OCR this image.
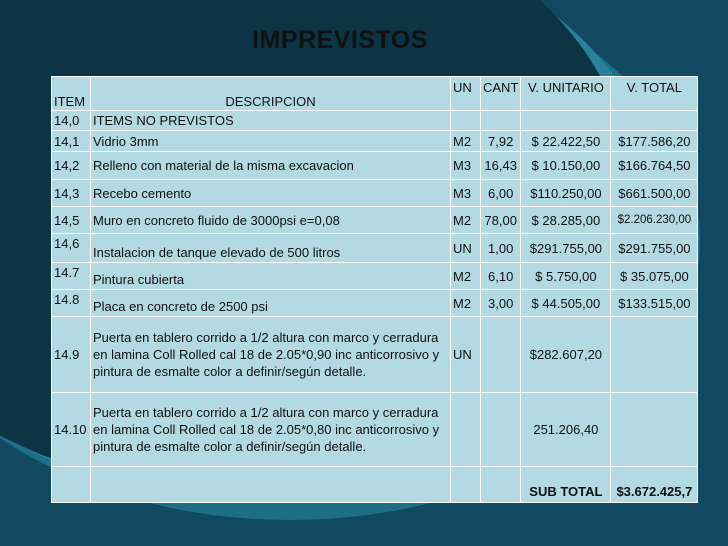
IMPREVISTOS
ITEM	DESCRIPCION	UN	CANT	V. UNITARIO	V. TOTAL
14,0	ITEMS NO PREVISTOS				
14,1	Vidrio 3mm	M2	7,92	$ 22.422,50	$177.586,20
14,2	Relleno con material de la misma excavacion	M3	16,43	$ 10.150,00	$166.764,50
14,3	Recebo cemento	M3	6,00	$110.250,00	$661.500,00
14,5	Muro en concreto fluido de 3000psi e=0,08	M2	78,00	$ 28.285,00	$2.206.230,00
14,6	Instalacion de tanque elevado de 500 litros	UN	1,00	$291.755,00	$291.755,00
14.7	Pintura cubierta	M2	6,10	$ 5.750,00	$ 35.075,00
14.8	Placa en concreto de 2500 psi	M2	3,00	$ 44.505,00	$133.515,00
14.9	Puerta en tablero corrido a 1/2 altura con marco y cerradura en lamina Coll Rolled cal 18 de 2.05*0,90 inc anticorrosivo y pintura de esmalte color a definir/según detalle.	UN		$282.607,20	
14.10	Puerta en tablero corrido a 1/2 altura con marco y cerradura en lamina Coll Rolled cal 18 de 2.05*0,80 inc anticorrosivo y pintura de esmalte color a definir/según detalle.			251.206,40	
				SUB TOTAL	$3.672.425,7
